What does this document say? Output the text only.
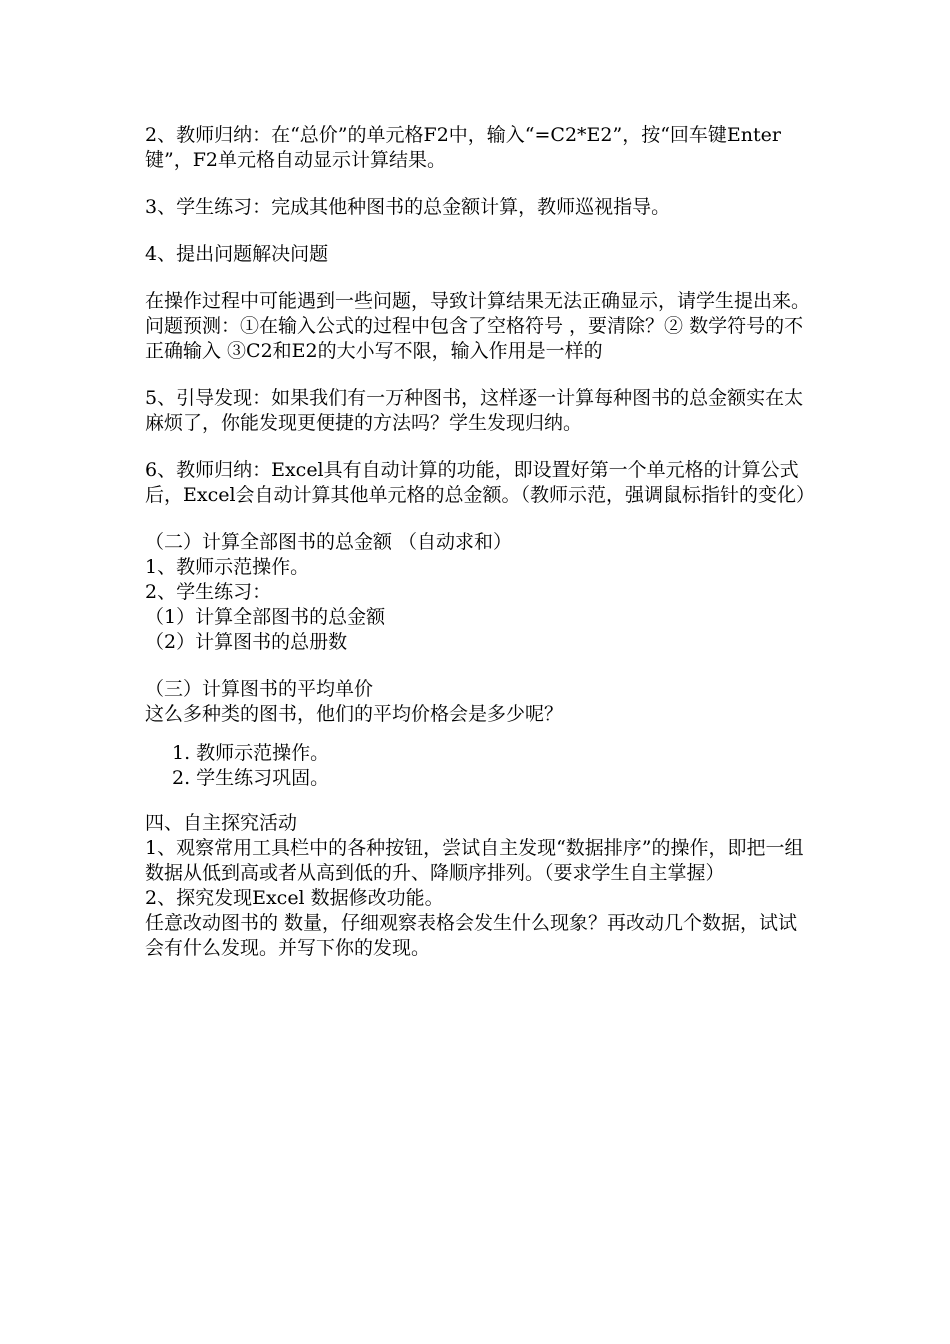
2、教师归纳：在“总价”的单元格F2中，输入“=C2*E2”，按“回车键Enter 键”，F2单元格自动显示计算结果。

3、学生练习：完成其他种图书的总金额计算，教师巡视指导。

4、提出问题解决问题

在操作过程中可能遇到一些问题，导致计算结果无法正确显示，请学生提出来。

问题预测：①在输入公式的过程中包含了空格符号 ，要清除？② 数学符号的不正确输入 ③C2和E2的大小写不限，输入作用是一样的

5、引导发现：如果我们有一万种图书，这样逐一计算每种图书的总金额实在太麻烦了，你能发现更便捷的方法吗？学生发现归纳。

6、教师归纳：Excel具有自动计算的功能，即设置好第一个单元格的计算公式后，Excel会自动计算其他单元格的总金额。（教师示范，强调鼠标指针的变化）

（二）计算全部图书的总金额 （自动求和）

1、教师示范操作。

2、学生练习：

（1）计算全部图书的总金额

（2）计算图书的总册数

（三）计算图书的平均单价

这么多种类的图书，他们的平均价格会是多少呢？

1. 教师示范操作。
2. 学生练习巩固。

四、自主探究活动

1、观察常用工具栏中的各种按钮，尝试自主发现“数据排序”的操作，即把一组数据从低到高或者从高到低的升、降顺序排列。（要求学生自主掌握）

2、探究发现Excel 数据修改功能。

任意改动图书的 数量，仔细观察表格会发生什么现象？再改动几个数据，试试会有什么发现。并写下你的发现。
